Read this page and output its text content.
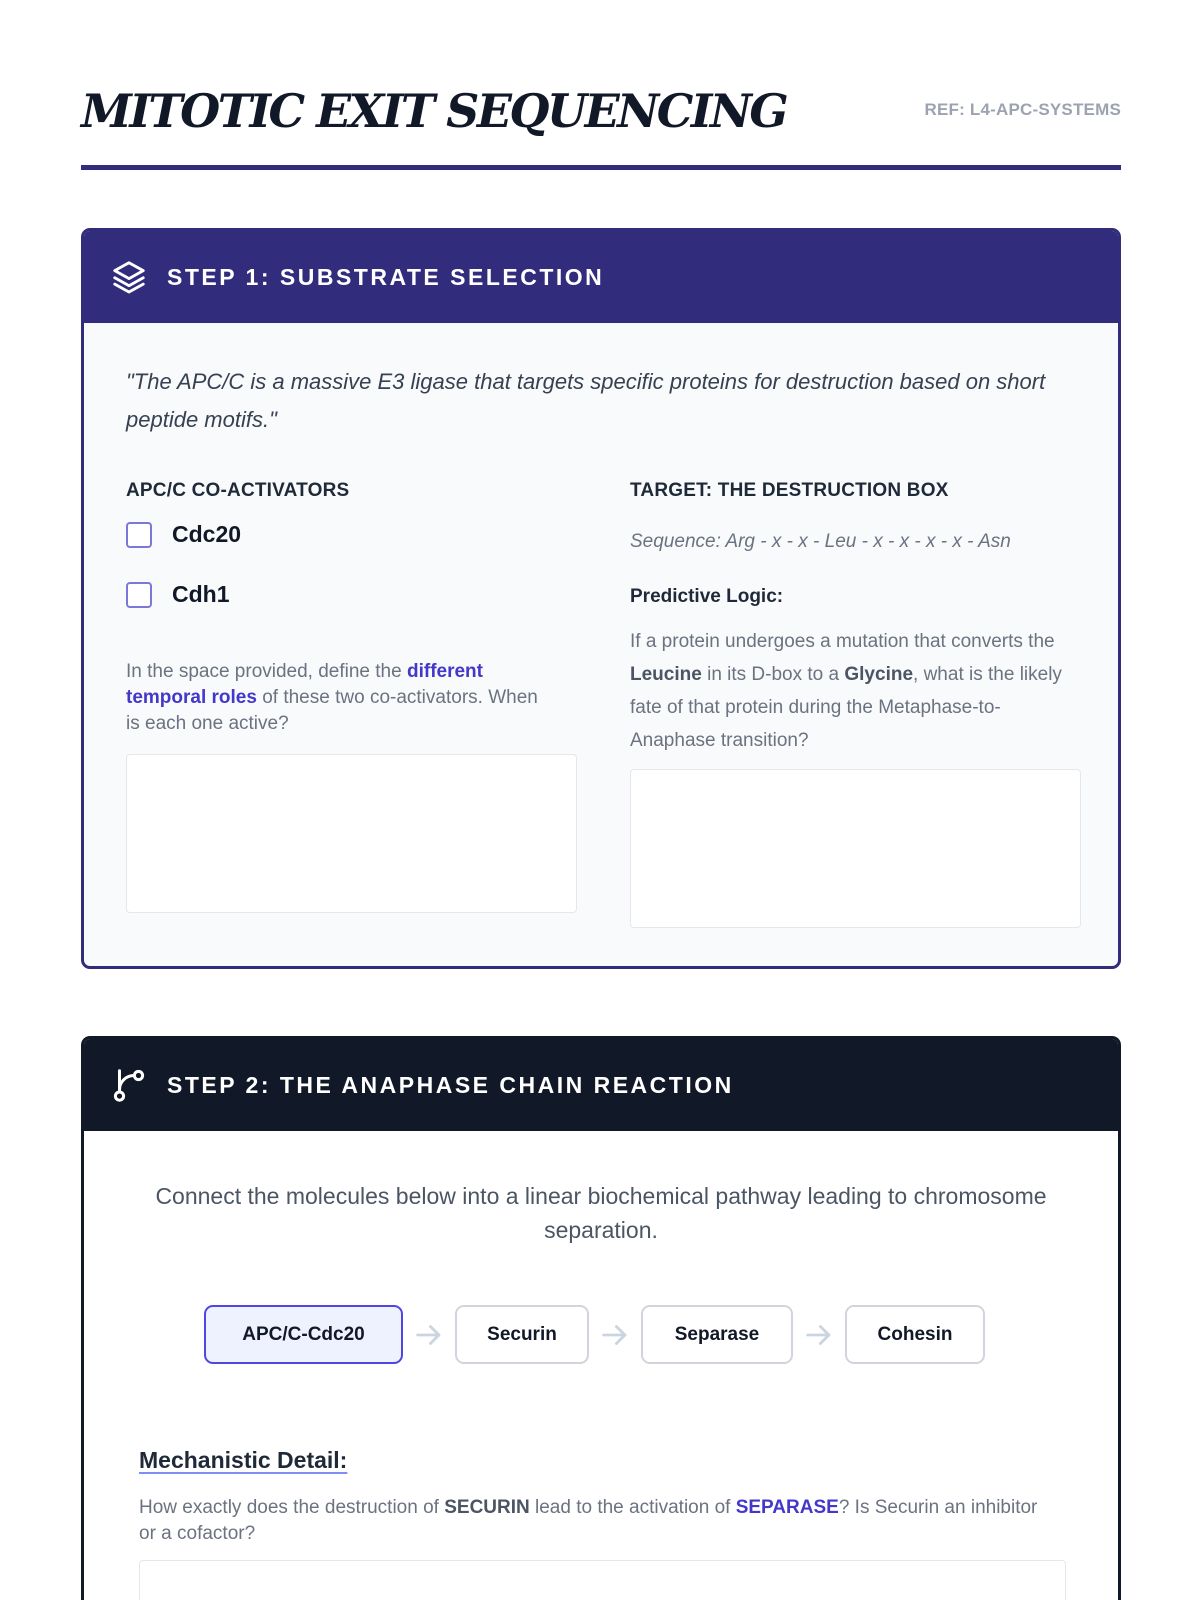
MITOTIC EXIT SEQUENCING	REF: L4-APC-SYSTEMS
STEP 1: SUBSTRATE SELECTION
"The APC/C is a massive E3 ligase that targets specific proteins for destruction based on short peptide motifs."
APC/C CO-ACTIVATORS
Cdc20
Cdh1
In the space provided, define the different temporal roles of these two co-activators. When is each one active?
TARGET: THE DESTRUCTION BOX
Sequence: Arg - x - x - Leu - x - x - x - x - Asn
Predictive Logic:
If a protein undergoes a mutation that converts the Leucine in its D-box to a Glycine, what is the likely fate of that protein during the Metaphase-to-Anaphase transition?
STEP 2: THE ANAPHASE CHAIN REACTION
Connect the molecules below into a linear biochemical pathway leading to chromosome separation.
APC/C-Cdc20	Securin	Separase	Cohesin
Mechanistic Detail:
How exactly does the destruction of SECURIN lead to the activation of SEPARASE? Is Securin an inhibitor or a cofactor?
